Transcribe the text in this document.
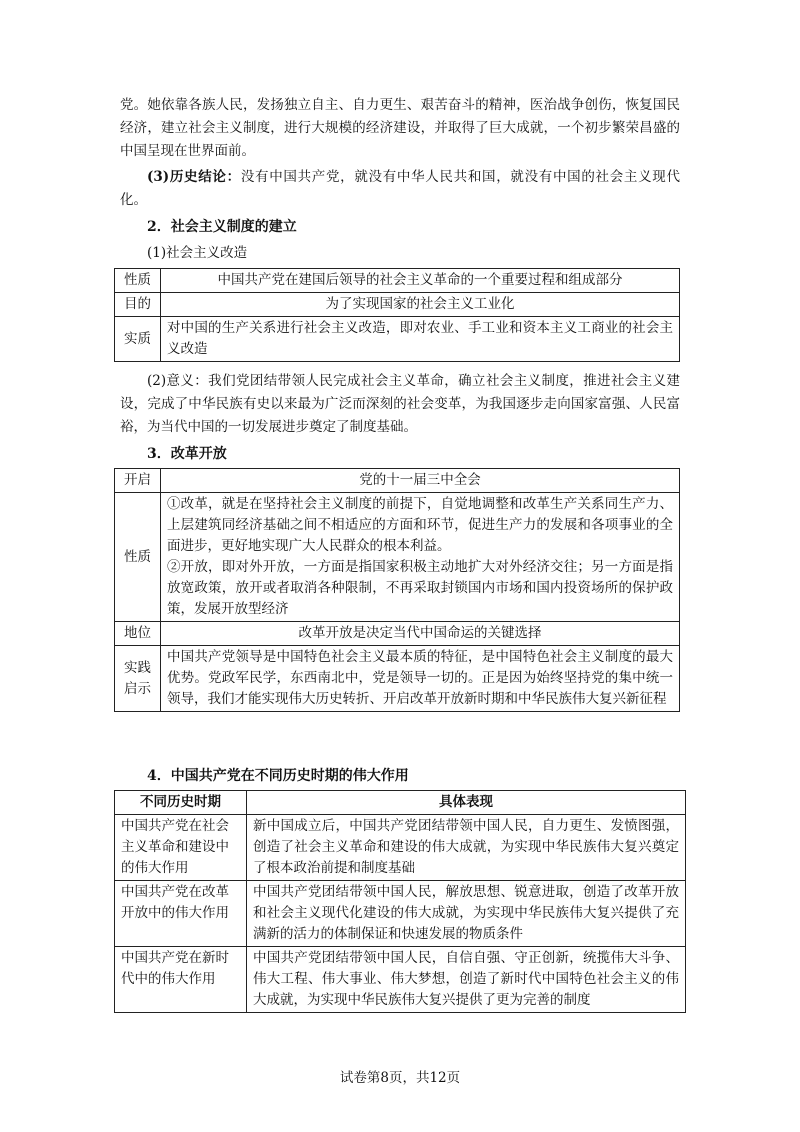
党。她依靠各族人民，发扬独立自主、自力更生、艰苦奋斗的精神，医治战争创伤，恢复国民经济，建立社会主义制度，进行大规模的经济建设，并取得了巨大成就，一个初步繁荣昌盛的中国呈现在世界面前。

(3)历史结论：没有中国共产党，就没有中华人民共和国，就没有中国的社会主义现代化。

2．社会主义制度的建立

(1)社会主义改造

性质	中国共产党在建国后领导的社会主义革命的一个重要过程和组成部分
目的	为了实现国家的社会主义工业化
实质	对中国的生产关系进行社会主义改造，即对农业、手工业和资本主义工商业的社会主义改造

(2)意义：我们党团结带领人民完成社会主义革命，确立社会主义制度，推进社会主义建设，完成了中华民族有史以来最为广泛而深刻的社会变革，为我国逐步走向国家富强、人民富裕，为当代中国的一切发展进步奠定了制度基础。

3．改革开放

开启	党的十一届三中全会
性质	①改革，就是在坚持社会主义制度的前提下，自觉地调整和改革生产关系同生产力、上层建筑同经济基础之间不相适应的方面和环节，促进生产力的发展和各项事业的全面进步，更好地实现广大人民群众的根本利益。
②开放，即对外开放，一方面是指国家积极主动地扩大对外经济交往；另一方面是指放宽政策，放开或者取消各种限制，不再采取封锁国内市场和国内投资场所的保护政策，发展开放型经济

地位	改革开放是决定当代中国命运的关键选择
实践
启示	中国共产党领导是中国特色社会主义最本质的特征，是中国特色社会主义制度的最大优势。党政军民学，东西南北中，党是领导一切的。正是因为始终坚持党的集中统一领导，我们才能实现伟大历史转折、开启改革开放新时期和中华民族伟大复兴新征程

4．中国共产党在不同历史时期的伟大作用

不同历史时期	具体表现
中国共产党在社会主义革命和建设中的伟大作用	新中国成立后，中国共产党团结带领中国人民，自力更生、发愤图强，创造了社会主义革命和建设的伟大成就，为实现中华民族伟大复兴奠定了根本政治前提和制度基础
中国共产党在改革开放中的伟大作用	中国共产党团结带领中国人民，解放思想、锐意进取，创造了改革开放和社会主义现代化建设的伟大成就，为实现中华民族伟大复兴提供了充满新的活力的体制保证和快速发展的物质条件
中国共产党在新时代中的伟大作用	中国共产党团结带领中国人民，自信自强、守正创新，统揽伟大斗争、伟大工程、伟大事业、伟大梦想，创造了新时代中国特色社会主义的伟大成就，为实现中华民族伟大复兴提供了更为完善的制度
试卷第8页，共12页
